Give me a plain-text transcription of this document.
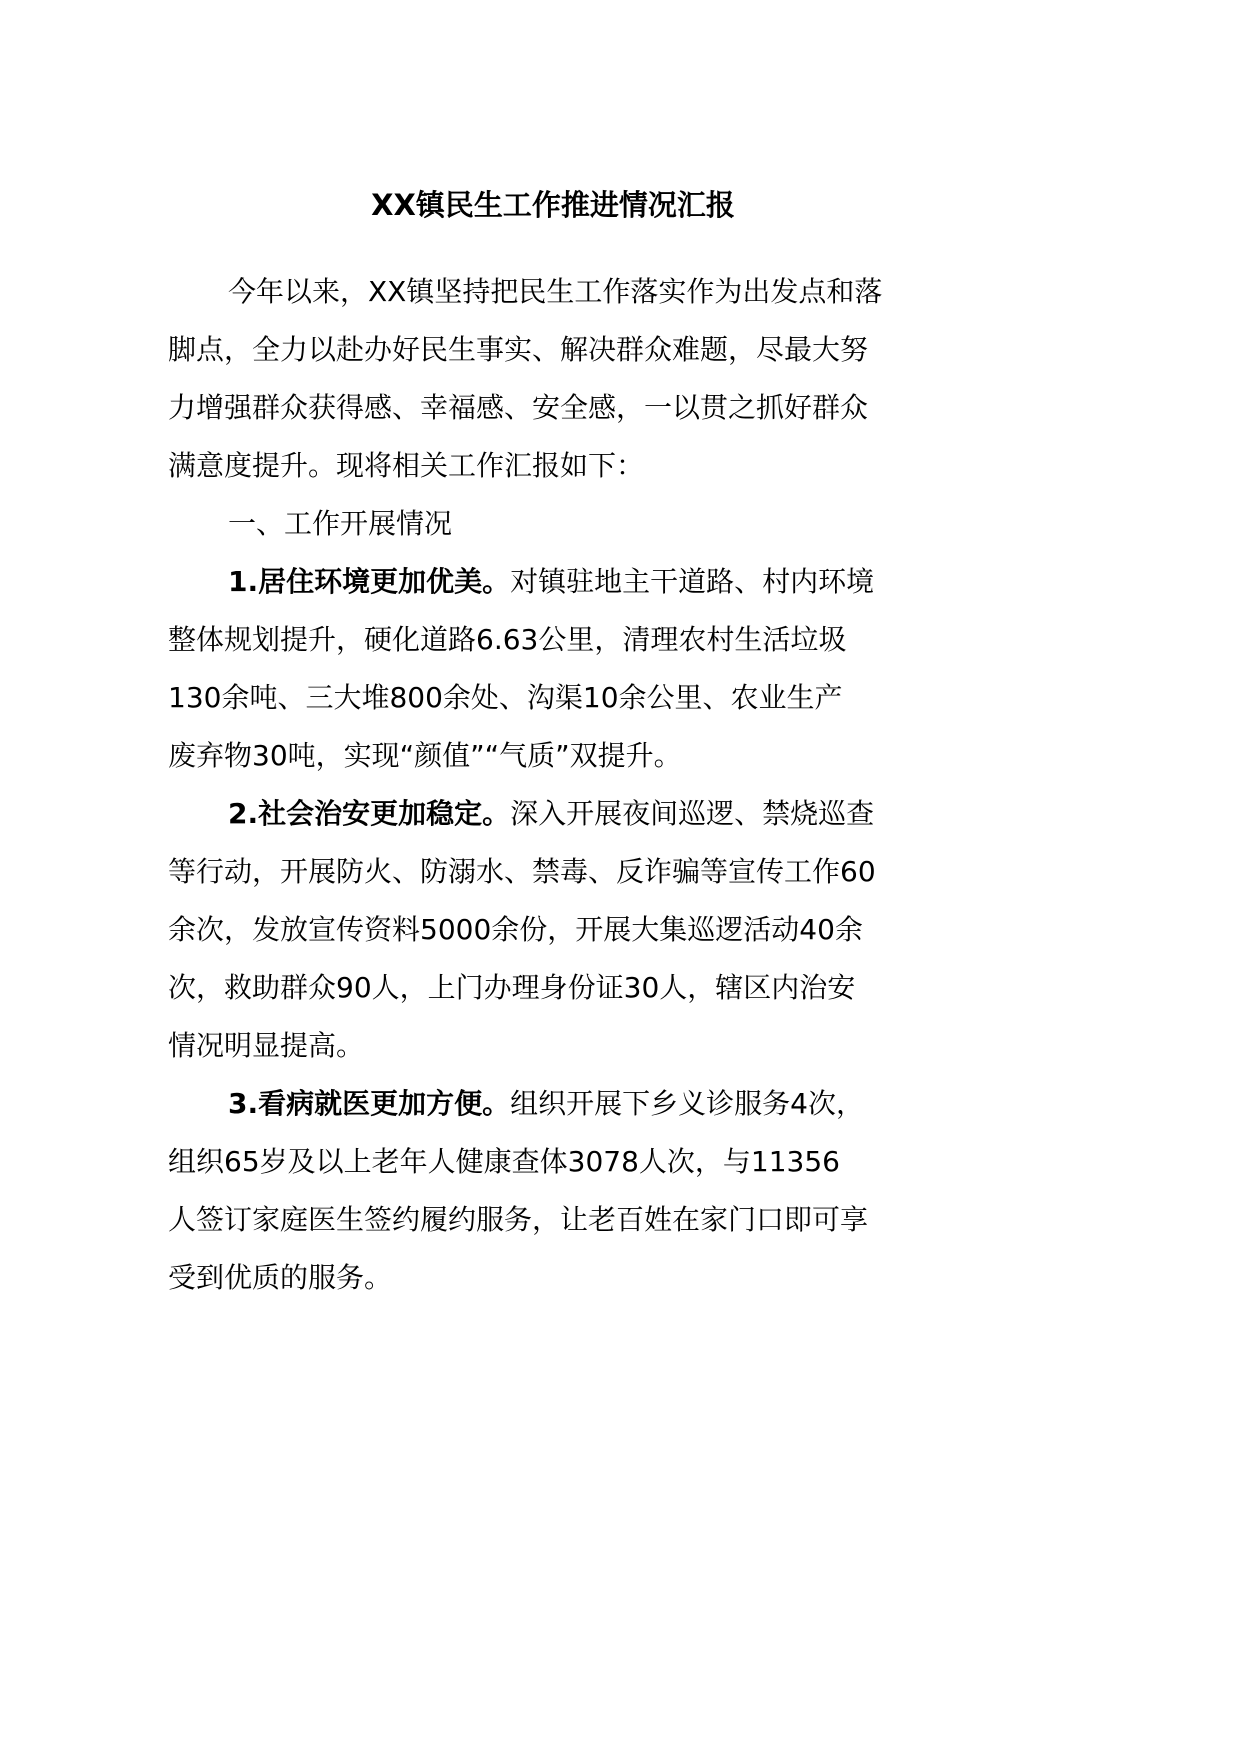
XX镇民生工作推进情况汇报
今年以来，XX镇坚持把民生工作落实作为出发点和落
脚点，全力以赴办好民生事实、解决群众难题，尽最大努
力增强群众获得感、幸福感、安全感，一以贯之抓好群众
满意度提升。现将相关工作汇报如下：
一、工作开展情况
1.居住环境更加优美。对镇驻地主干道路、村内环境
整体规划提升，硬化道路6.63公里，清理农村生活垃圾
130余吨、三大堆800余处、沟渠10余公里、农业生产
废弃物30吨，实现“颜值”“气质”双提升。
2.社会治安更加稳定。深入开展夜间巡逻、禁烧巡查
等行动，开展防火、防溺水、禁毒、反诈骗等宣传工作60
余次，发放宣传资料5000余份，开展大集巡逻活动40余
次，救助群众90人，上门办理身份证30人，辖区内治安
情况明显提高。
3.看病就医更加方便。组织开展下乡义诊服务4次，
组织65岁及以上老年人健康查体3078人次，与11356
人签订家庭医生签约履约服务，让老百姓在家门口即可享
受到优质的服务。
